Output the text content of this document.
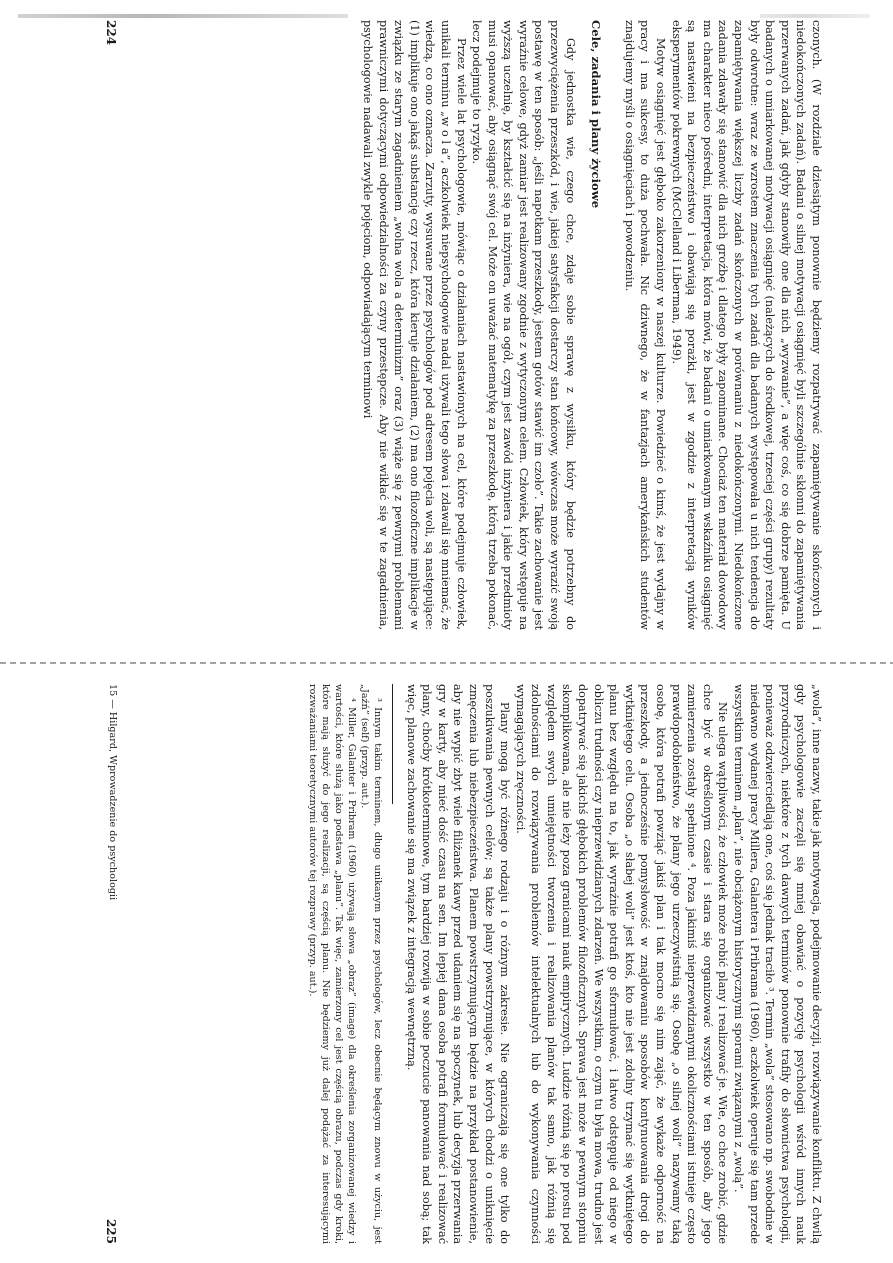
czonych. (W rozdziale dziesiątym ponownie będziemy rozpatrywać zapamiętywanie skończonych i niedokończonych zadań). Badani o silnej motywacji osiągnięć byli szczególnie skłonni do zapamiętywania przerwanych zadań, jak gdyby stanowiły one dla nich „wyzwanie”, a więc coś, co się dobrze pamięta. U badanych o umiarkowanej motywacji osiągnięć (należących do środkowej, trzeciej części grupy) rezultaty były odwrotne: wraz ze wzrostem znaczenia tych zadań dla badanych występowała u nich tendencja do zapamiętywania większej liczby zadań skończonych w porównaniu z niedokończonymi. Niedokończone zadania zdawały się stanowić dla nich groźbę i dlatego były zapominane. Chociaż ten materiał dowodowy ma charakter nieco pośredni, interpretacja, która mówi, że badani o umiarkowanym wskaźniku osiągnięć są nastawieni na bezpieczeństwo i obawiają się porażki, jest w zgodzie z interpretacją wyników eksperymentów pokrewnych (McClelland i Liberman, 1949).

Motyw osiągnięć jest głęboko zakorzeniony w naszej kulturze. Powiedzieć o kimś, że jest wydajny w pracy i ma sukcesy, to duża pochwała. Nic dziwnego, że w fantazjach amerykańskich studentów znajdujemy myśli o osiągnięciach i powodzeniu.

Cele, zadania i plany życiowe

Gdy jednostka wie, czego chce, zdaje sobie sprawę z wysiłku, który będzie potrzebny do przezwyciężenia przeszkód, i wie, jakiej satysfakcji dostarczy stan końcowy, wówczas może wyrazić swoją postawę w ten sposób: „jeśli napotkam przeszkody, jestem gotów stawić im czoło”. Takie zachowanie jest wyraźnie celowe, gdyż zamiar jest realizowany zgodnie z wytyczonym celem. Człowiek, który wstępuje na wyższą uczelnię, by kształcić się na inżyniera, wie na ogół, czym jest zawód inżyniera i jakie przedmioty musi opanować, aby osiągnąć swój cel. Może on uważać matematykę za przeszkodę, którą trzeba pokonać, lecz podejmuje to ryzyko.

Przez wiele lat psychologowie, mówiąc o działaniach nastawionych na cel, które podejmuje człowiek, unikali terminu „w o l a”, aczkolwiek niepsychologowie nadal używali tego słowa i zdawali się mniemać, że wiedzą, co ono oznacza. Zarzuty, wysuwane przez psychologów pod adresem pojęcia woli, są następujące: (1) implikuje ono jakąś substancję czy rzecz, która kieruje działaniem, (2) ma ono filozoficzne implikacje w związku ze starym zagadnieniem „wolna wola a determinizm” oraz (3) wiąże się z pewnymi problemami prawniczymi dotyczącymi odpowiedzialności za czyny przestępcze. Aby nie wikłać się w te zagadnienia, psychologowie nadawali zwykle pojęciom, odpowiadającym terminowi

224

„wola”, inne nazwy, takie jak motywacja, podejmowanie decyzji, rozwiązywanie konfliktu. Z chwilą gdy psychologowie zaczęli się mniej obawiać o pozycję psychologii wśród innych nauk przyrodniczych, niektóre z tych dawnych terminów ponownie trafiły do słownictwa psychologii, ponieważ odzwierciedlają one, coś się jednak traciło ³. Termin „wola” stosowano np. swobodnie w niedawno wydanej pracy Millera, Galantera i Pribrama (1960), aczkolwiek operuje się tam przede wszystkim terminem „plan”, nie obciążonym historycznymi sporami związanymi z „wolą”.

Nie ulega wątpliwości, że człowiek może robić plany i realizować je. Wie, co chce zrobić, gdzie chce być w określonym czasie i stara się organizować wszystko w ten sposób, aby jego zamierzenia zostały spełnione ⁴. Poza jakimiś nieprzewidzianymi okolicznościami istnieje często prawdopodobieństwo, że plany jego urzeczywistnią się. Osobę „o silnej woli” nazywamy taką osobę, która potrafi powziąć jakiś plan i tak mocno się nim zająć, że wykaże odporność na przeszkody, a jednocześnie pomysłowość w znajdowaniu sposobów kontynuowania drogi do wytkniętego celu. Osoba „o słabej woli” jest ktoś, kto nie jest zdolny trzymać się wytkniętego planu bez względu na to, jak wyraźnie potrafi go sformułować, i łatwo odstępuje od niego w obliczu trudności czy nieprzewidzianych zdarzeń. We wszystkim, o czym tu była mowa, trudno jest dopatrywać się jakichś głębokich problemów filozoficznych. Sprawa jest może w pewnym stopniu skomplikowana, ale nie leży poza granicami nauk empirycznych. Ludzie różnią się po prostu pod względem swych umiejętności tworzenia i realizowania planów tak samo, jak różnią się zdolnościami do rozwiązywania problemów intelektualnych lub do wykonywania czynności wymagających zręczności.

Plany mogą być różnego rodzaju i o różnym zakresie. Nie ograniczają się one tylko do poszukiwania pewnych celów; są także plany powstrzymujące, w których chodzi o uniknięcie zmęczenia lub niebezpieczeństwa. Planem powstrzymującym będzie na przykład postanowienie, aby nie wypić zbyt wiele filiżanek kawy przed udaniem się na spoczynek, lub decyzja przerwania gry w karty, aby mieć dość czasu na sen. Im lepiej dana osoba potrafi formułować i realizować plany, choćby krótkoterminowe, tym bardziej rozwija w sobie poczucie panowania nad sobą; tak więc, planowe zachowanie się ma związek z integracją wewnętrzną.

³ Innym takim terminem, długo unikanym przez psychologów, lecz obecnie będącym znowu w użyciu, jest „Jaźń” (self) (przyp. aut.).

⁴ Miller, Galanter i Pribram (1960) używają słowa „obraz” (image) dla określenia zorganizowanej wiedzy i wartości, które służą jako podstawa „planu”. Tak więc, zamierzony cel jest częścią obrazu, podczas gdy kroki, które mają służyć do jego realizacji, są częścią planu. Nie będziemy już dalej podążać za interesującymi rozważaniami teoretycznymi autorów tej rozprawy (przyp. aut.).

15 — Hilgard, Wprowadzenie do psychologii
225
